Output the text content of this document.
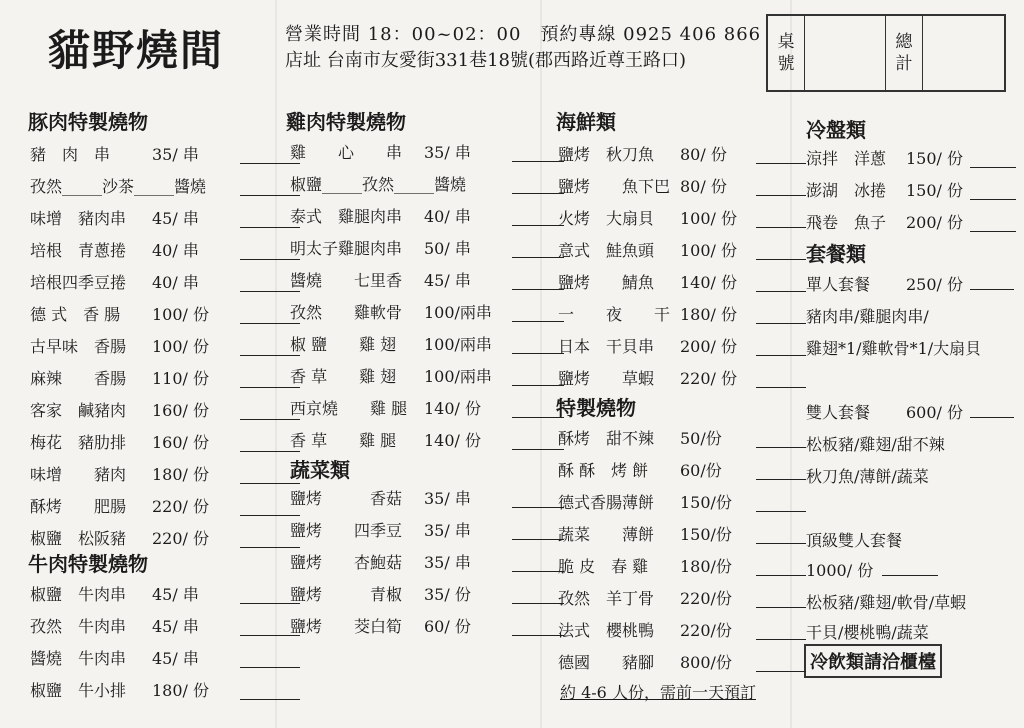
貓野燒間	營業時間 18：00~02：00　預約專線 0925 406 866
店址 台南市友愛街331巷18號(郡西路近尊王路口)
桌
號
總
計
豚肉特製燒物
牛肉特製燒物
雞肉特製燒物
蔬菜類
海鮮類
特製燒物
約 4-6 人份，需前一天預訂
冷盤類
套餐類
單人套餐 250/ 份
豬肉串/雞腿肉串/
雞翅*1/雞軟骨*1/大扇貝
雙人套餐 600/ 份
松板豬/雞翅/甜不辣
秋刀魚/薄餅/蔬菜
頂級雙人套餐
1000/ 份
松板豬/雞翅/軟骨/草蝦
干貝/櫻桃鴨/蔬菜
冷飲類請洽櫃檯
豬　肉　串	35/ 串
孜然_____沙茶_____醬燒
味增　豬肉串 45/ 串
培根　青蔥捲 40/ 串
培根四季豆捲 40/ 串
德 式　香 腸 100/ 份
古早味　香腸 100/ 份
麻辣　　香腸 110/ 份
客家　鹹豬肉 160/ 份
梅花　豬肋排 160/ 份
味增　　豬肉 180/ 份
酥烤　　肥腸 220/ 份
椒鹽　松阪豬 220/ 份
椒鹽　牛肉串 45/ 串
孜然　牛肉串 45/ 串
醬燒　牛肉串 45/ 串
椒鹽　牛小排 180/ 份
雞　　心　　串 35/ 串
椒鹽_____孜然_____醬燒
泰式　雞腿肉串 40/ 串
明太子雞腿肉串 50/ 串
醬燒　　七里香 45/ 串
孜然　　雞軟骨 100/兩串
椒 鹽　　雞 翅 100/兩串
香 草　　雞 翅 100/兩串
西京燒　　雞 腿 140/ 份
香 草　　雞 腿 140/ 份
鹽烤　　　香菇 35/ 串
鹽烤　　四季豆 35/ 串
鹽烤　　杏鮑菇 35/ 串
鹽烤　　　青椒 35/ 份
鹽烤　　茭白筍 60/ 份
鹽烤　秋刀魚 80/ 份
鹽烤　　魚下巴 80/ 份
火烤　大扇貝 100/ 份
意式　鮭魚頭 100/ 份
鹽烤　　鯖魚 140/ 份
一　　夜　　干 180/ 份
日本　干貝串 200/ 份
鹽烤　　草蝦 220/ 份
酥烤　甜不辣 50/份
酥 酥　烤 餅 60/份
德式香腸薄餅 150/份
蔬菜　　薄餅 150/份
脆 皮　春 雞 180/份
孜然　羊丁骨 220/份
法式　櫻桃鴨 220/份
德國　　豬腳 800/份
涼拌　洋蔥 150/ 份
澎湖　冰捲 150/ 份
飛卷　魚子 200/ 份
